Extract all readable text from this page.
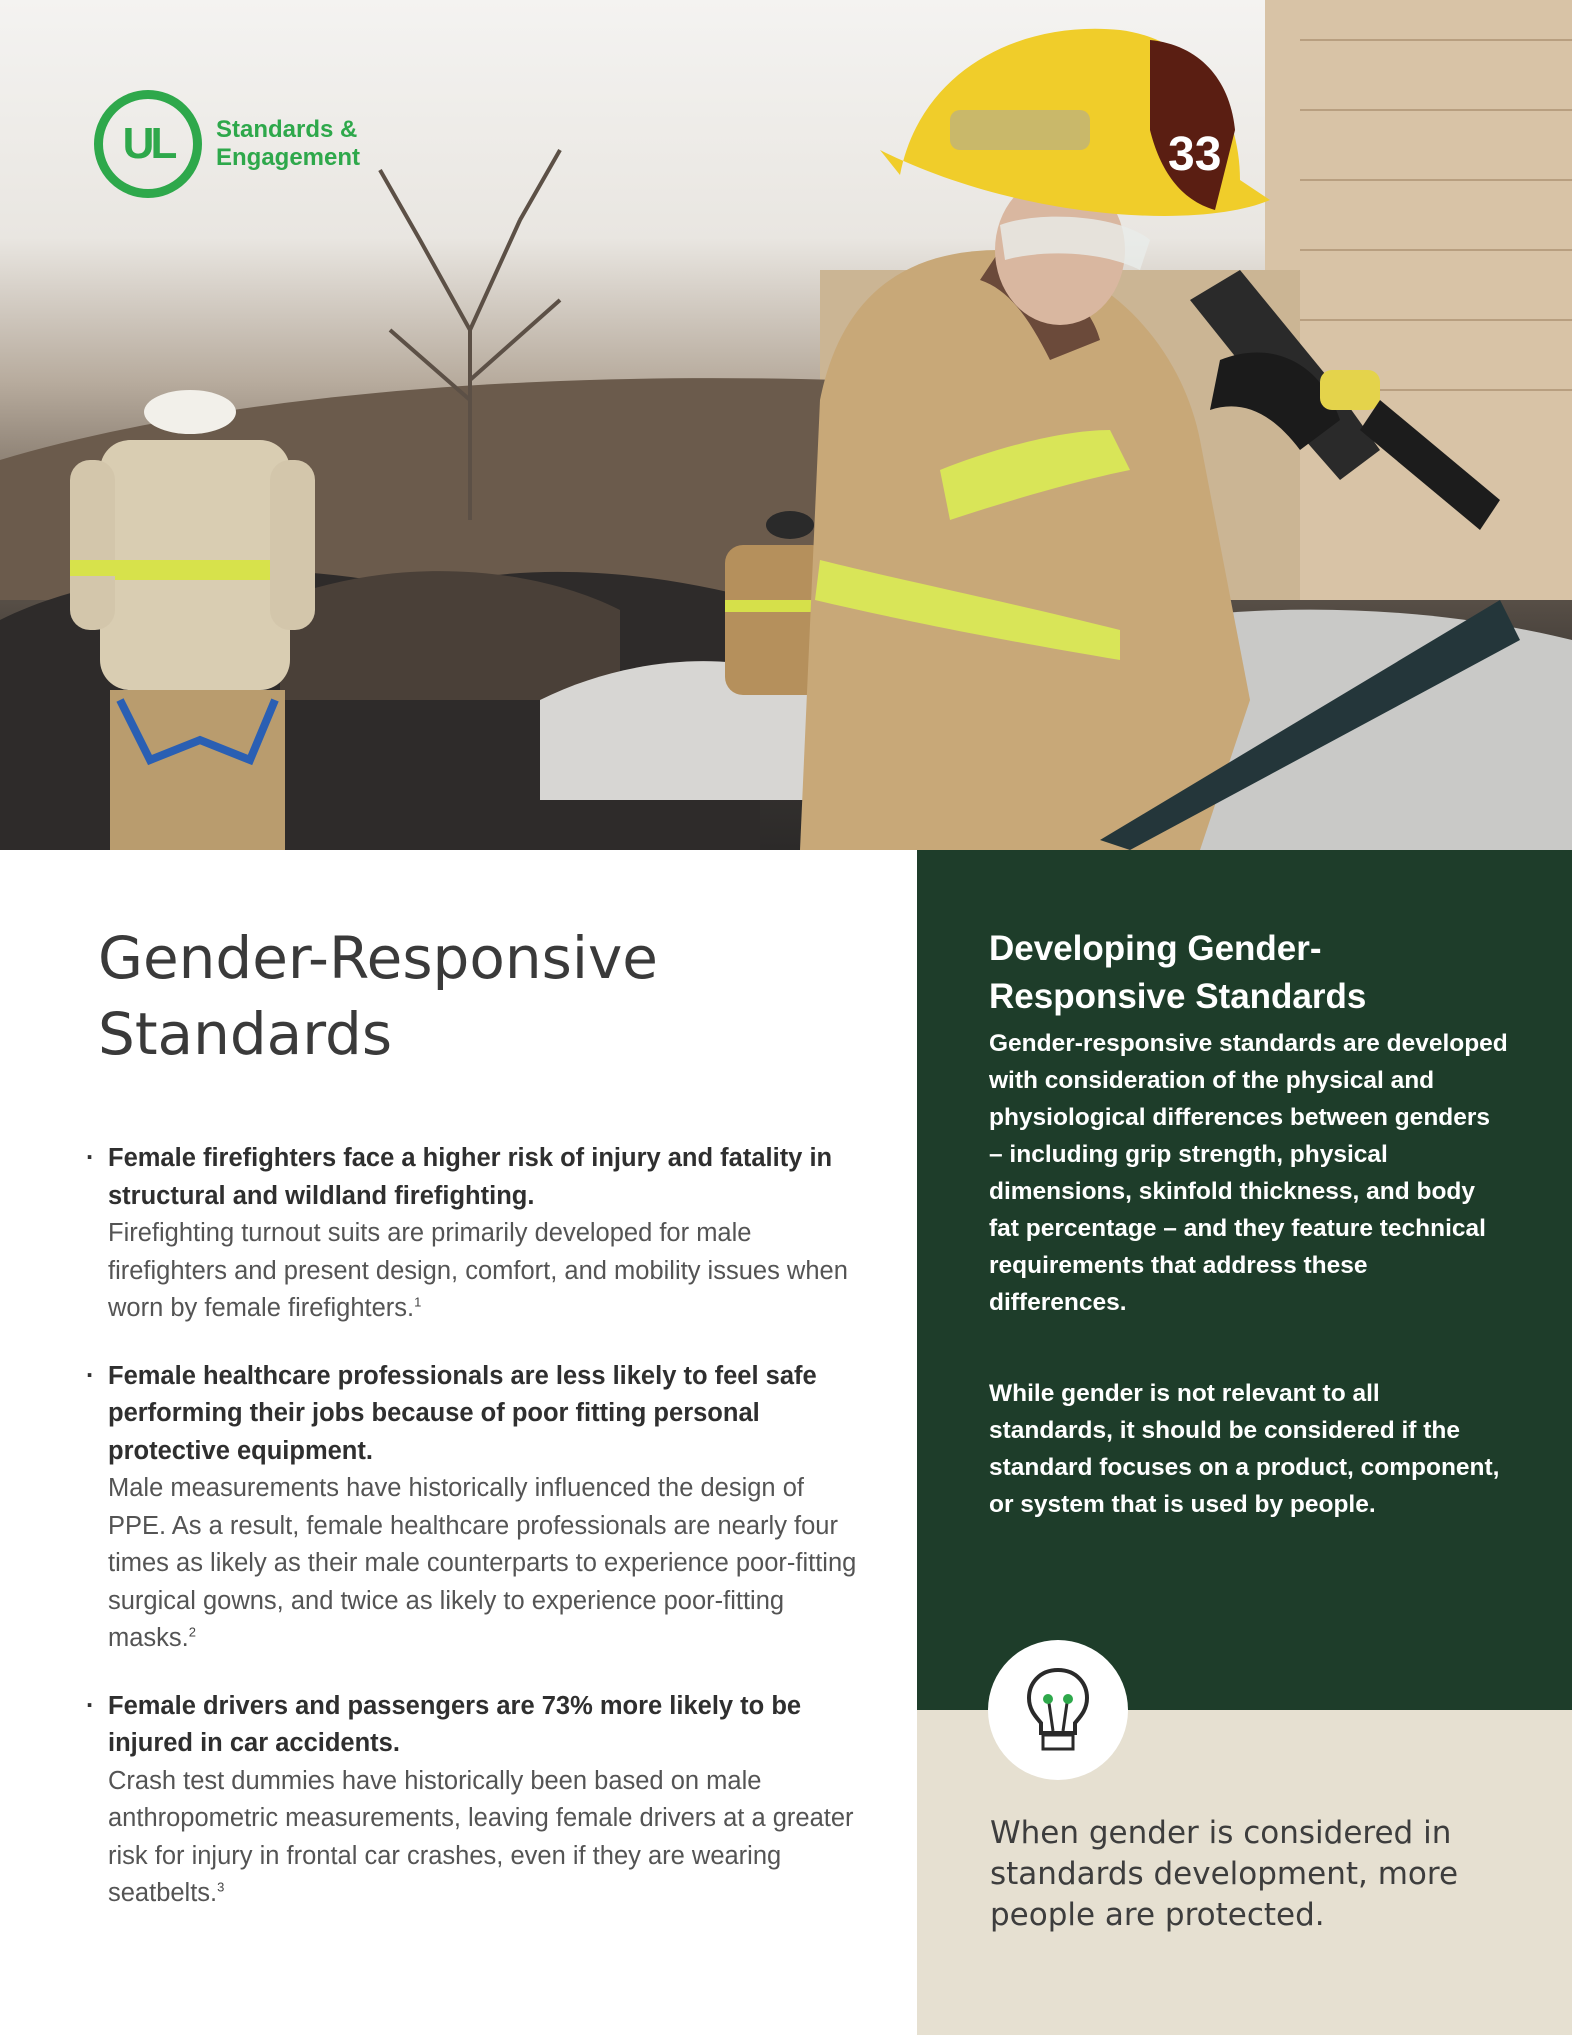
33
UL Standards &
Engagement
Gender-Responsive
Standards
· Female firefighters face a higher risk of injury and fatality in structural and wildland firefighting.
Firefighting turnout suits are primarily developed for male firefighters and present design, comfort, and mobility issues when worn by female firefighters.$^1$
· Female healthcare professionals are less likely to feel safe performing their jobs because of poor fitting personal protective equipment.
Male measurements have historically influenced the design of PPE. As a result, female healthcare professionals are nearly four times as likely as their male counterparts to experience poor-fitting surgical gowns, and twice as likely to experience poor-fitting masks.$^2$
· Female drivers and passengers are 73% more likely to be injured in car accidents.
Crash test dummies have historically been based on male anthropometric measurements, leaving female drivers at a greater risk for injury in frontal car crashes, even if they are wearing seatbelts.$^3$
Developing Gender-
Responsive Standards

Gender-responsive standards are developed with consideration of the physical and physiological differences between genders – including grip strength, physical dimensions, skinfold thickness, and body fat percentage – and they feature technical requirements that address these differences.

While gender is not relevant to all standards, it should be considered if the standard focuses on a product, component, or system that is used by people.

When gender is considered in standards development, more people are protected.
